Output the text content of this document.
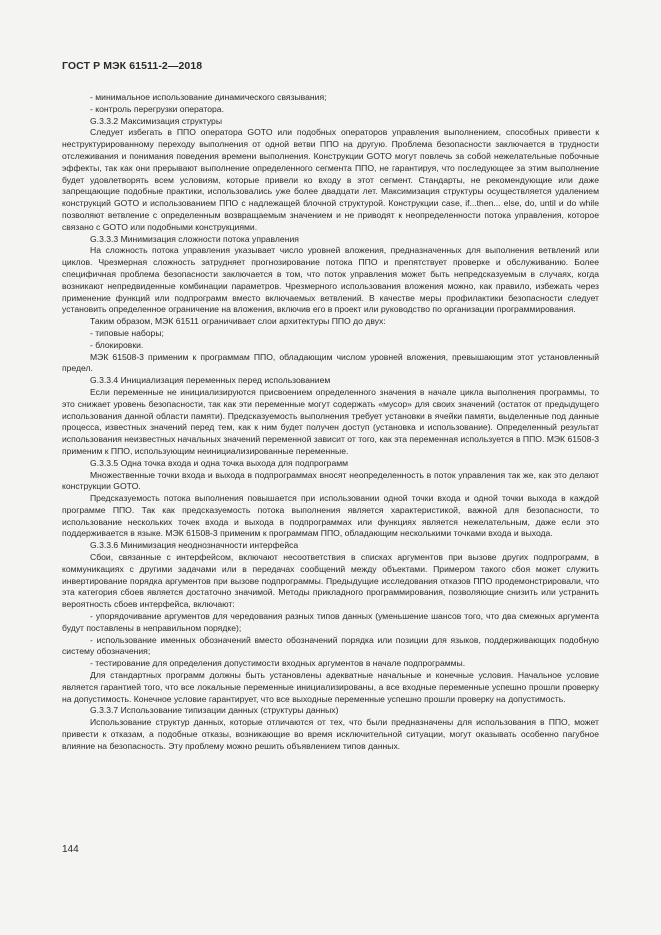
ГОСТ Р МЭК 61511-2—2018

- минимальное использование динамического связывания;

- контроль перегрузки оператора.

G.3.3.2 Максимизация структуры

Следует избегать в ППО оператора GOTO или подобных операторов управления выполнением, способных привести к неструктурированному переходу выполнения от одной ветви ППО на другую. Проблема безопасности заключается в трудности отслеживания и понимания поведения времени выполнения. Конструкции GOTO могут повлечь за собой нежелательные побочные эффекты, так как они прерывают выполнение определенного сегмента ППО, не гарантируя, что последующее за этим выполнение будет удовлетворять всем условиям, которые привели ко входу в этот сегмент. Стандарты, не рекомендующие или даже запрещающие подобные практики, использовались уже более двадцати лет. Максимизация структуры осуществляется удалением конструкций GOTO и использованием ППО с надлежащей блочной структурой. Конструкции case, if...then... else, do, until и do while позволяют ветвление с определенным возвращаемым значением и не приводят к неопределенности потока управления, которое связано с GOTO или подобными конструкциями.

G.3.3.3 Минимизация сложности потока управления

На сложность потока управления указывает число уровней вложения, предназначенных для выполнения ветвлений или циклов. Чрезмерная сложность затрудняет прогнозирование потока ППО и препятствует проверке и обслуживанию. Более специфичная проблема безопасности заключается в том, что поток управления может быть непредсказуемым в случаях, когда возникают непредвиденные комбинации параметров. Чрезмерного использования вложения можно, как правило, избежать через применение функций или подпрограмм вместо включаемых ветвлений. В качестве меры профилактики безопасности следует установить определенное ограничение на вложения, включив его в проект или руководство по организации программирования.

Таким образом, МЭК 61511 ограничивает слои архитектуры ППО до двух:

- типовые наборы;

- блокировки.

МЭК 61508-3 применим к программам ППО, обладающим числом уровней вложения, превышающим этот установленный предел.

G.3.3.4 Инициализация переменных перед использованием

Если переменные не инициализируются присвоением определенного значения в начале цикла выполнения программы, то это снижает уровень безопасности, так как эти переменные могут содержать «мусор» для своих значений (остаток от предыдущего использования данной области памяти). Предсказуемость выполнения требует установки в ячейки памяти, выделенные под данные процесса, известных значений перед тем, как к ним будет получен доступ (установка и использование). Определенный результат использования неизвестных начальных значений переменной зависит от того, как эта переменная используется в ППО. МЭК 61508-3 применим к ППО, использующим неинициализированные переменные.

G.3.3.5 Одна точка входа и одна точка выхода для подпрограмм

Множественные точки входа и выхода в подпрограммах вносят неопределенность в поток управления так же, как это делают конструкции GOTO.

Предсказуемость потока выполнения повышается при использовании одной точки входа и одной точки выхода в каждой программе ППО. Так как предсказуемость потока выполнения является характеристикой, важной для безопасности, то использование нескольких точек входа и выхода в подпрограммах или функциях является нежелательным, даже если это поддерживается в языке. МЭК 61508-3 применим к программам ППО, обладающим несколькими точками входа и выхода.

G.3.3.6 Минимизация неоднозначности интерфейса

Сбои, связанные с интерфейсом, включают несоответствия в списках аргументов при вызове других подпрограмм, в коммуникациях с другими задачами или в передачах сообщений между объектами. Примером такого сбоя может служить инвертирование порядка аргументов при вызове подпрограммы. Предыдущие исследования отказов ППО продемонстрировали, что эта категория сбоев является достаточно значимой. Методы прикладного программирования, позволяющие снизить или устранить вероятность сбоев интерфейса, включают:

- упорядочивание аргументов для чередования разных типов данных (уменьшение шансов того, что два смежных аргумента будут поставлены в неправильном порядке);

- использование именных обозначений вместо обозначений порядка или позиции для языков, поддерживающих подобную систему обозначения;

- тестирование для определения допустимости входных аргументов в начале подпрограммы.

Для стандартных программ должны быть установлены адекватные начальные и конечные условия. Начальное условие является гарантией того, что все локальные переменные инициализированы, а все входные переменные успешно прошли проверку на допустимость. Конечное условие гарантирует, что все выходные переменные успешно прошли проверку на допустимость.

G.3.3.7 Использование типизации данных (структуры данных)

Использование структур данных, которые отличаются от тех, что были предназначены для использования в ППО, может привести к отказам, а подобные отказы, возникающие во время исключительной ситуации, могут оказывать особенно пагубное влияние на безопасность. Эту проблему можно решить объявлением типов данных.

144
